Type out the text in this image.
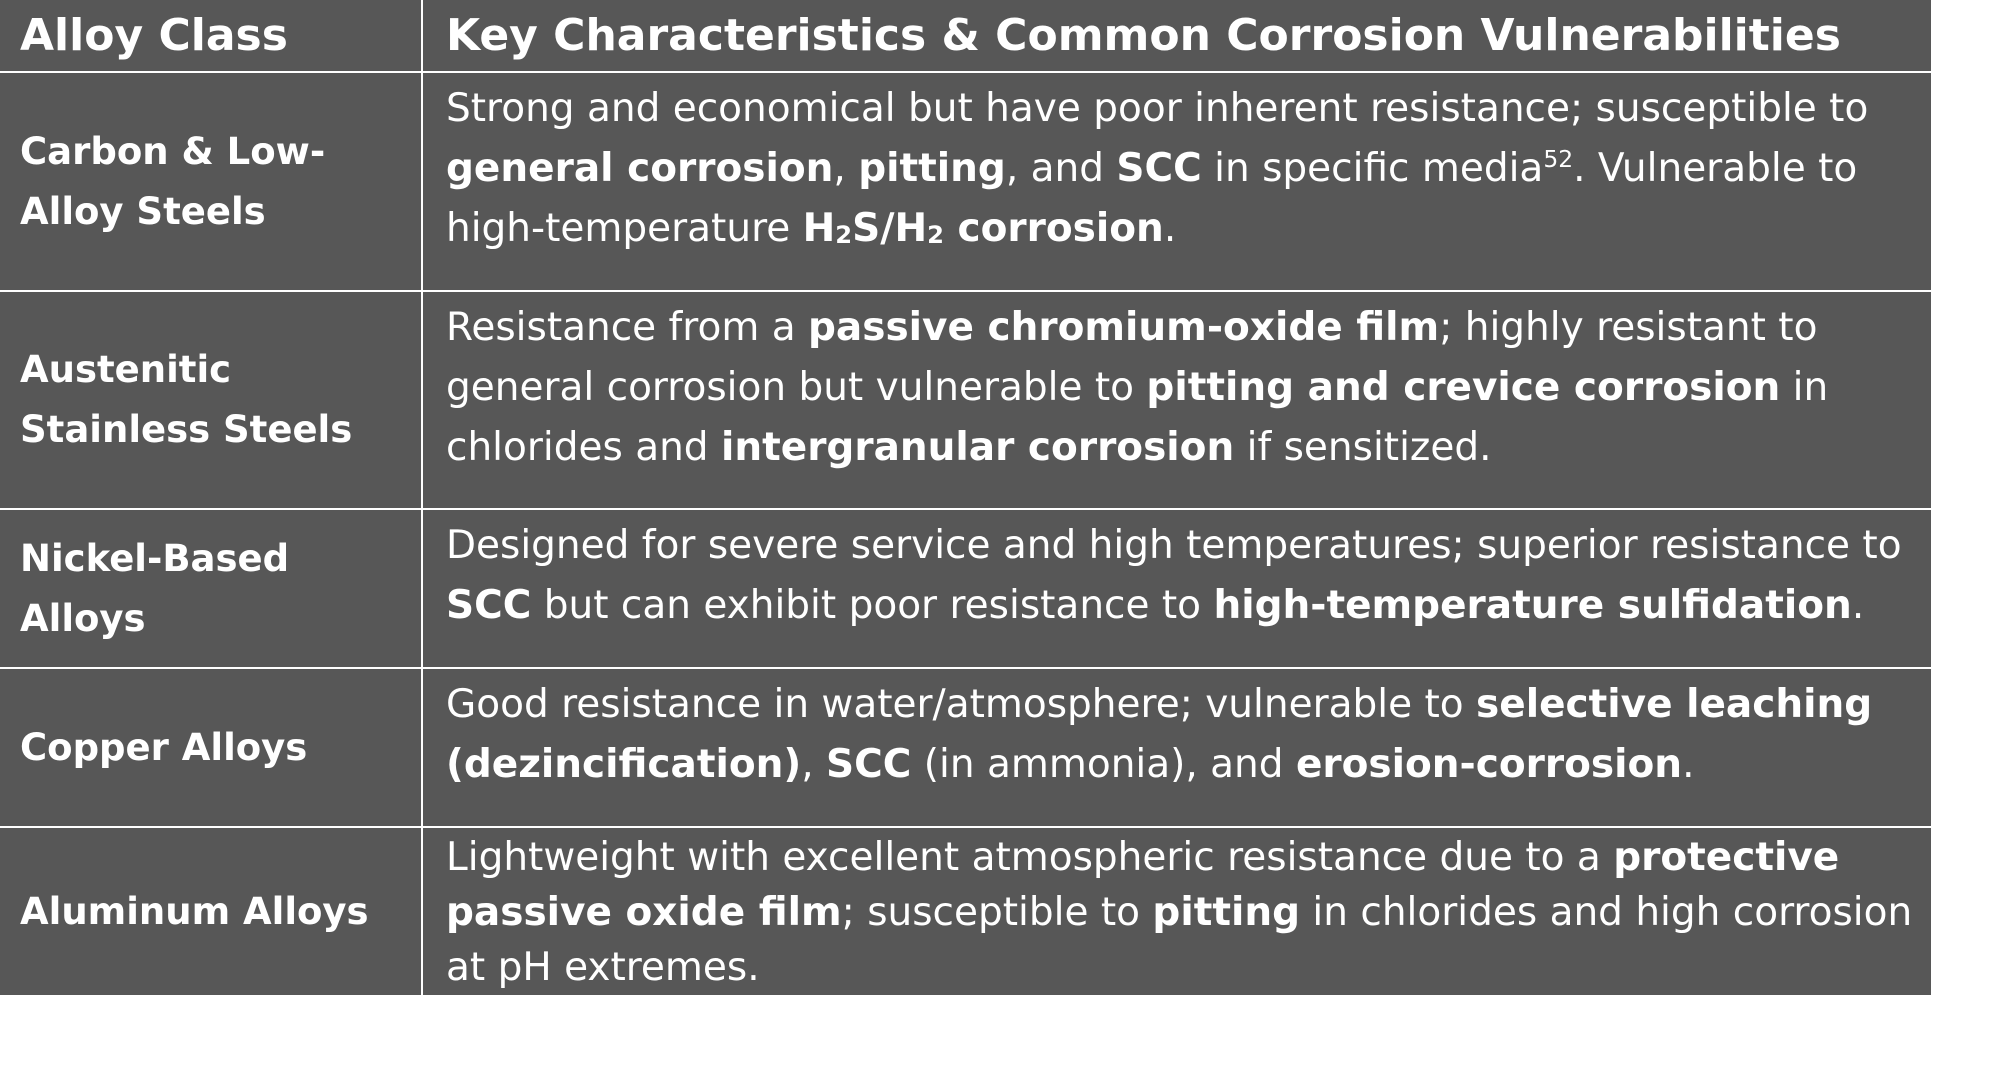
Alloy Class	Key Characteristics & Common Corrosion Vulnerabilities
Carbon & Low-Alloy Steels	Strong and economical but have poor inherent resistance; susceptible to general corrosion, pitting, and SCC in specific media$^{52}$. Vulnerable to high-temperature $H_2S/H_2$ corrosion.
Austenitic Stainless Steels	Resistance from a passive chromium-oxide film; highly resistant to general corrosion but vulnerable to pitting and crevice corrosion in chlorides and intergranular corrosion if sensitized.
Nickel-Based Alloys	Designed for severe service and high temperatures; superior resistance to SCC but can exhibit poor resistance to high-temperature sulfidation.
Copper Alloys	Good resistance in water/atmosphere; vulnerable to selective leaching (dezincification), SCC (in ammonia), and erosion-corrosion.
Aluminum Alloys	Lightweight with excellent atmospheric resistance due to a protective passive oxide film; susceptible to pitting in chlorides and high corrosion at pH extremes.
